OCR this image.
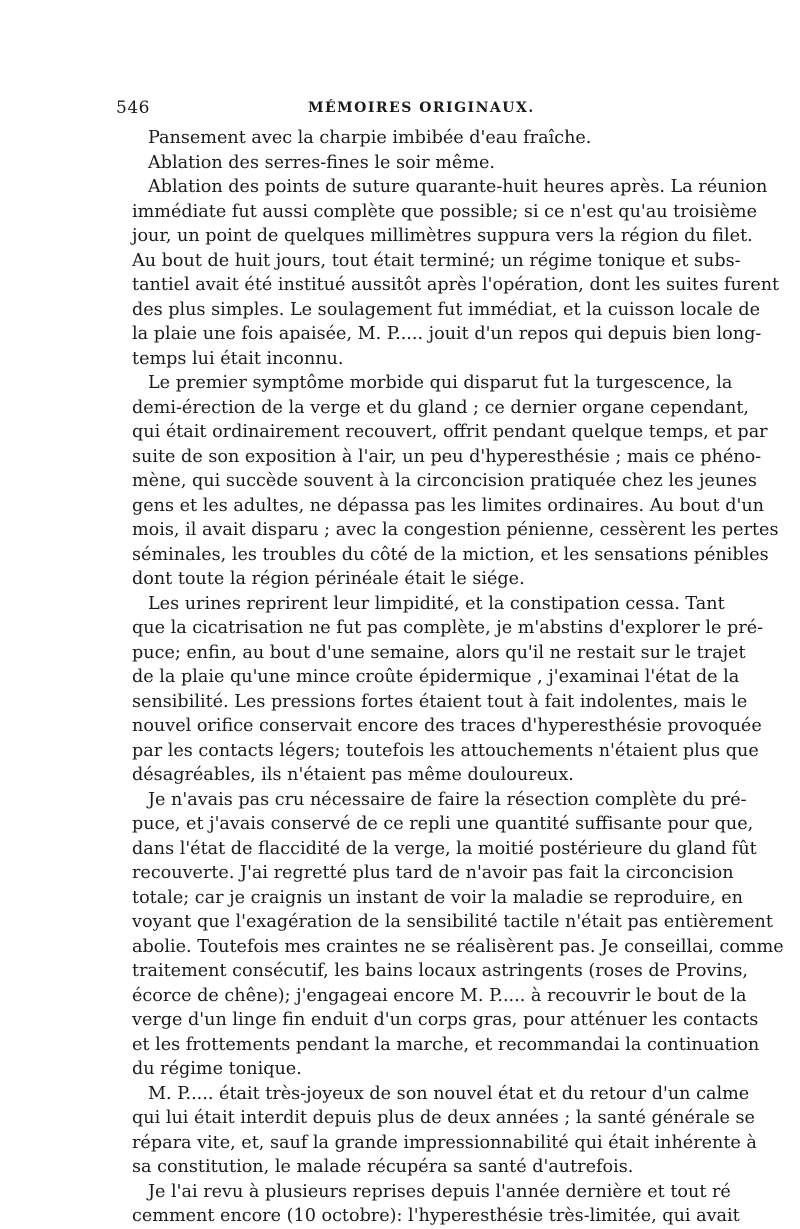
546	MÉMOIRES ORIGINAUX.
Pansement avec la charpie imbibée d'eau fraîche.
Ablation des serres-fines le soir même.
Ablation des points de suture quarante-huit heures après. La réunion
immédiate fut aussi complète que possible; si ce n'est qu'au troisième
jour, un point de quelques millimètres suppura vers la région du filet.
Au bout de huit jours, tout était terminé; un régime tonique et subs-
tantiel avait été institué aussitôt après l'opération, dont les suites furent
des plus simples. Le soulagement fut immédiat, et la cuisson locale de
la plaie une fois apaisée, M. P..... jouit d'un repos qui depuis bien long-
temps lui était inconnu.
Le premier symptôme morbide qui disparut fut la turgescence, la
demi-érection de la verge et du gland ; ce dernier organe cependant,
qui était ordinairement recouvert, offrit pendant quelque temps, et par
suite de son exposition à l'air, un peu d'hyperesthésie ; mais ce phéno-
mène, qui succède souvent à la circoncision pratiquée chez les jeunes
gens et les adultes, ne dépassa pas les limites ordinaires. Au bout d'un
mois, il avait disparu ; avec la congestion pénienne, cessèrent les pertes
séminales, les troubles du côté de la miction, et les sensations pénibles
dont toute la région périnéale était le siége.
Les urines reprirent leur limpidité, et la constipation cessa. Tant
que la cicatrisation ne fut pas complète, je m'abstins d'explorer le pré-
puce; enfin, au bout d'une semaine, alors qu'il ne restait sur le trajet
de la plaie qu'une mince croûte épidermique , j'examinai l'état de la
sensibilité. Les pressions fortes étaient tout à fait indolentes, mais le
nouvel orifice conservait encore des traces d'hyperesthésie provoquée
par les contacts légers; toutefois les attouchements n'étaient plus que
désagréables, ils n'étaient pas même douloureux.
Je n'avais pas cru nécessaire de faire la résection complète du pré-
puce, et j'avais conservé de ce repli une quantité suffisante pour que,
dans l'état de flaccidité de la verge, la moitié postérieure du gland fût
recouverte. J'ai regretté plus tard de n'avoir pas fait la circoncision
totale; car je craignis un instant de voir la maladie se reproduire, en
voyant que l'exagération de la sensibilité tactile n'était pas entièrement
abolie. Toutefois mes craintes ne se réalisèrent pas. Je conseillai, comme
traitement consécutif, les bains locaux astringents (roses de Provins,
écorce de chêne); j'engageai encore M. P..... à recouvrir le bout de la
verge d'un linge fin enduit d'un corps gras, pour atténuer les contacts
et les frottements pendant la marche, et recommandai la continuation
du régime tonique.
M. P..... était très-joyeux de son nouvel état et du retour d'un calme
qui lui était interdit depuis plus de deux années ; la santé générale se
répara vite, et, sauf la grande impressionnabilité qui était inhérente à
sa constitution, le malade récupéra sa santé d'autrefois.
Je l'ai revu à plusieurs reprises depuis l'année dernière et tout ré
cemment encore (10 octobre): l'hyperesthésie très-limitée, qui avait
